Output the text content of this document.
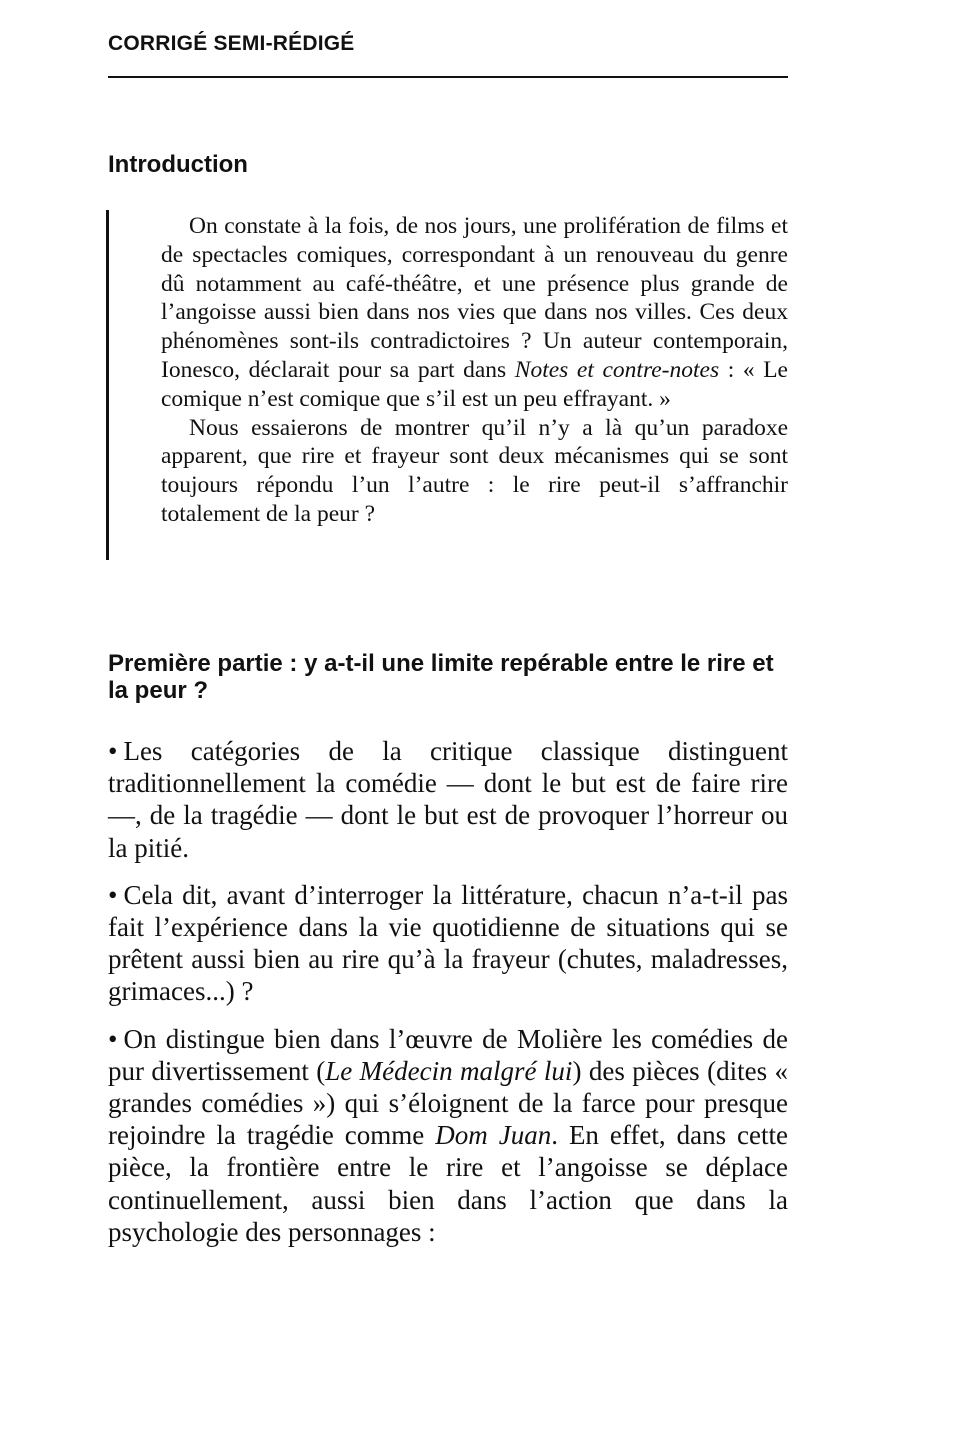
CORRIGÉ SEMI-RÉDIGÉ
Introduction

On constate à la fois, de nos jours, une prolifération de films et de spectacles comiques, correspondant à un renouveau du genre dû notamment au café-théâtre, et une présence plus grande de l’angoisse aussi bien dans nos vies que dans nos villes. Ces deux phénomènes sont-ils contradictoires ? Un auteur contemporain, Ionesco, déclarait pour sa part dans Notes et contre-notes : « Le comique n’est comique que s’il est un peu effrayant. »

Nous essaierons de montrer qu’il n’y a là qu’un paradoxe apparent, que rire et frayeur sont deux mécanismes qui se sont toujours répondu l’un l’autre : le rire peut-il s’affranchir totalement de la peur ?

Première partie : y a-t-il une limite repérable entre le rire et la peur ?

• Les catégories de la critique classique distinguent traditionnellement la comédie — dont le but est de faire rire —, de la tragédie — dont le but est de provoquer l’horreur ou la pitié.

• Cela dit, avant d’interroger la littérature, chacun n’a-t-il pas fait l’expérience dans la vie quotidienne de situations qui se prêtent aussi bien au rire qu’à la frayeur (chutes, maladresses, grimaces...) ?

• On distingue bien dans l’œuvre de Molière les comédies de pur divertissement (Le Médecin malgré lui) des pièces (dites « grandes comédies ») qui s’éloignent de la farce pour presque rejoindre la tragédie comme Dom Juan. En effet, dans cette pièce, la frontière entre le rire et l’angoisse se déplace continuellement, aussi bien dans l’action que dans la psychologie des personnages :
